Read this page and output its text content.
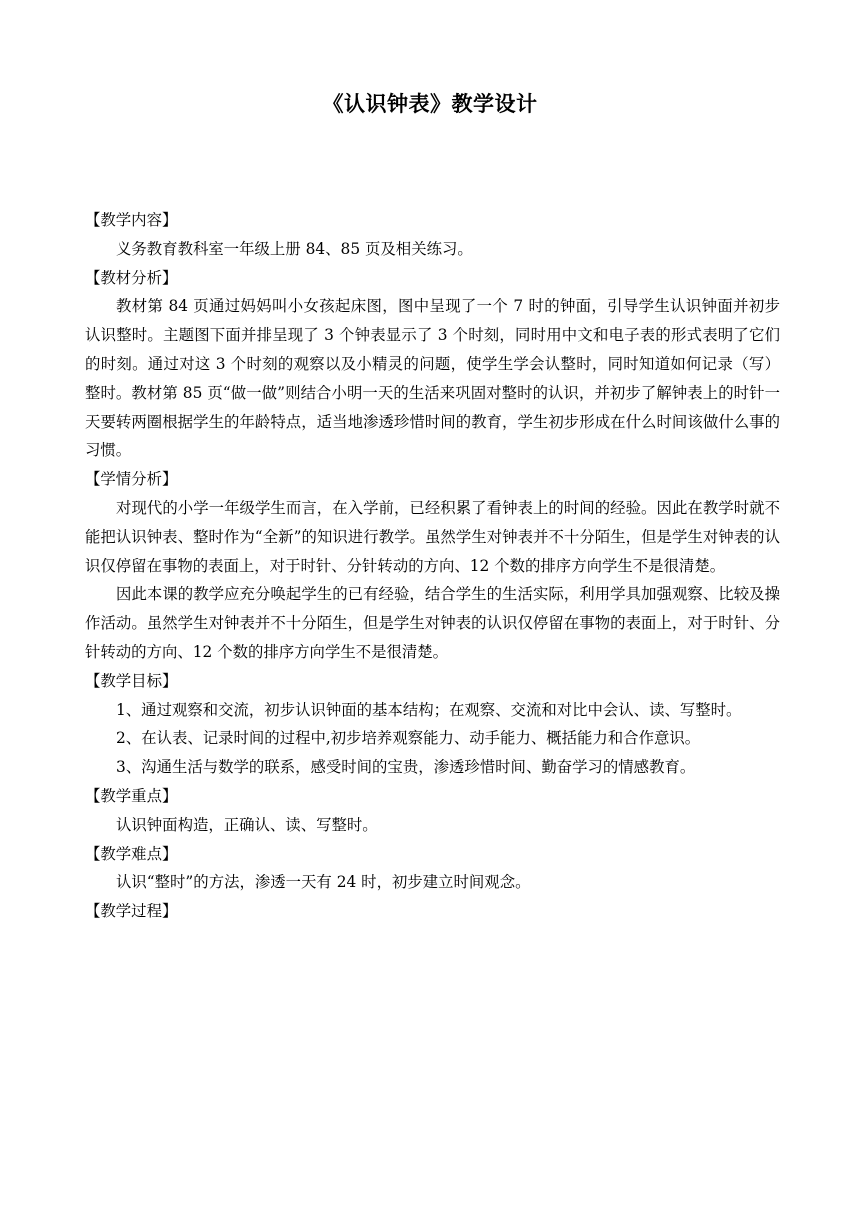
《认识钟表》教学设计
【教学内容】

义务教育教科室一年级上册 84、85 页及相关练习。

【教材分析】

教材第 84 页通过妈妈叫小女孩起床图，图中呈现了一个 7 时的钟面，引导学生认识钟面并初步认识整时。主题图下面并排呈现了 3 个钟表显示了 3 个时刻，同时用中文和电子表的形式表明了它们的时刻。通过对这 3 个时刻的观察以及小精灵的问题，使学生学会认整时，同时知道如何记录（写）整时。教材第 85 页“做一做”则结合小明一天的生活来巩固对整时的认识，并初步了解钟表上的时针一天要转两圈根据学生的年龄特点，适当地渗透珍惜时间的教育，学生初步形成在什么时间该做什么事的习惯。

【学情分析】

对现代的小学一年级学生而言，在入学前，已经积累了看钟表上的时间的经验。因此在教学时就不能把认识钟表、整时作为“全新”的知识进行教学。虽然学生对钟表并不十分陌生，但是学生对钟表的认识仅停留在事物的表面上，对于时针、分针转动的方向、12 个数的排序方向学生不是很清楚。

因此本课的教学应充分唤起学生的已有经验，结合学生的生活实际，利用学具加强观察、比较及操作活动。虽然学生对钟表并不十分陌生，但是学生对钟表的认识仅停留在事物的表面上，对于时针、分针转动的方向、12 个数的排序方向学生不是很清楚。

【教学目标】

1、通过观察和交流，初步认识钟面的基本结构；在观察、交流和对比中会认、读、写整时。

2、在认表、记录时间的过程中,初步培养观察能力、动手能力、概括能力和合作意识。

3、沟通生活与数学的联系，感受时间的宝贵，渗透珍惜时间、勤奋学习的情感教育。

【教学重点】

认识钟面构造，正确认、读、写整时。

【教学难点】

认识“整时”的方法，渗透一天有 24 时，初步建立时间观念。

【教学过程】
